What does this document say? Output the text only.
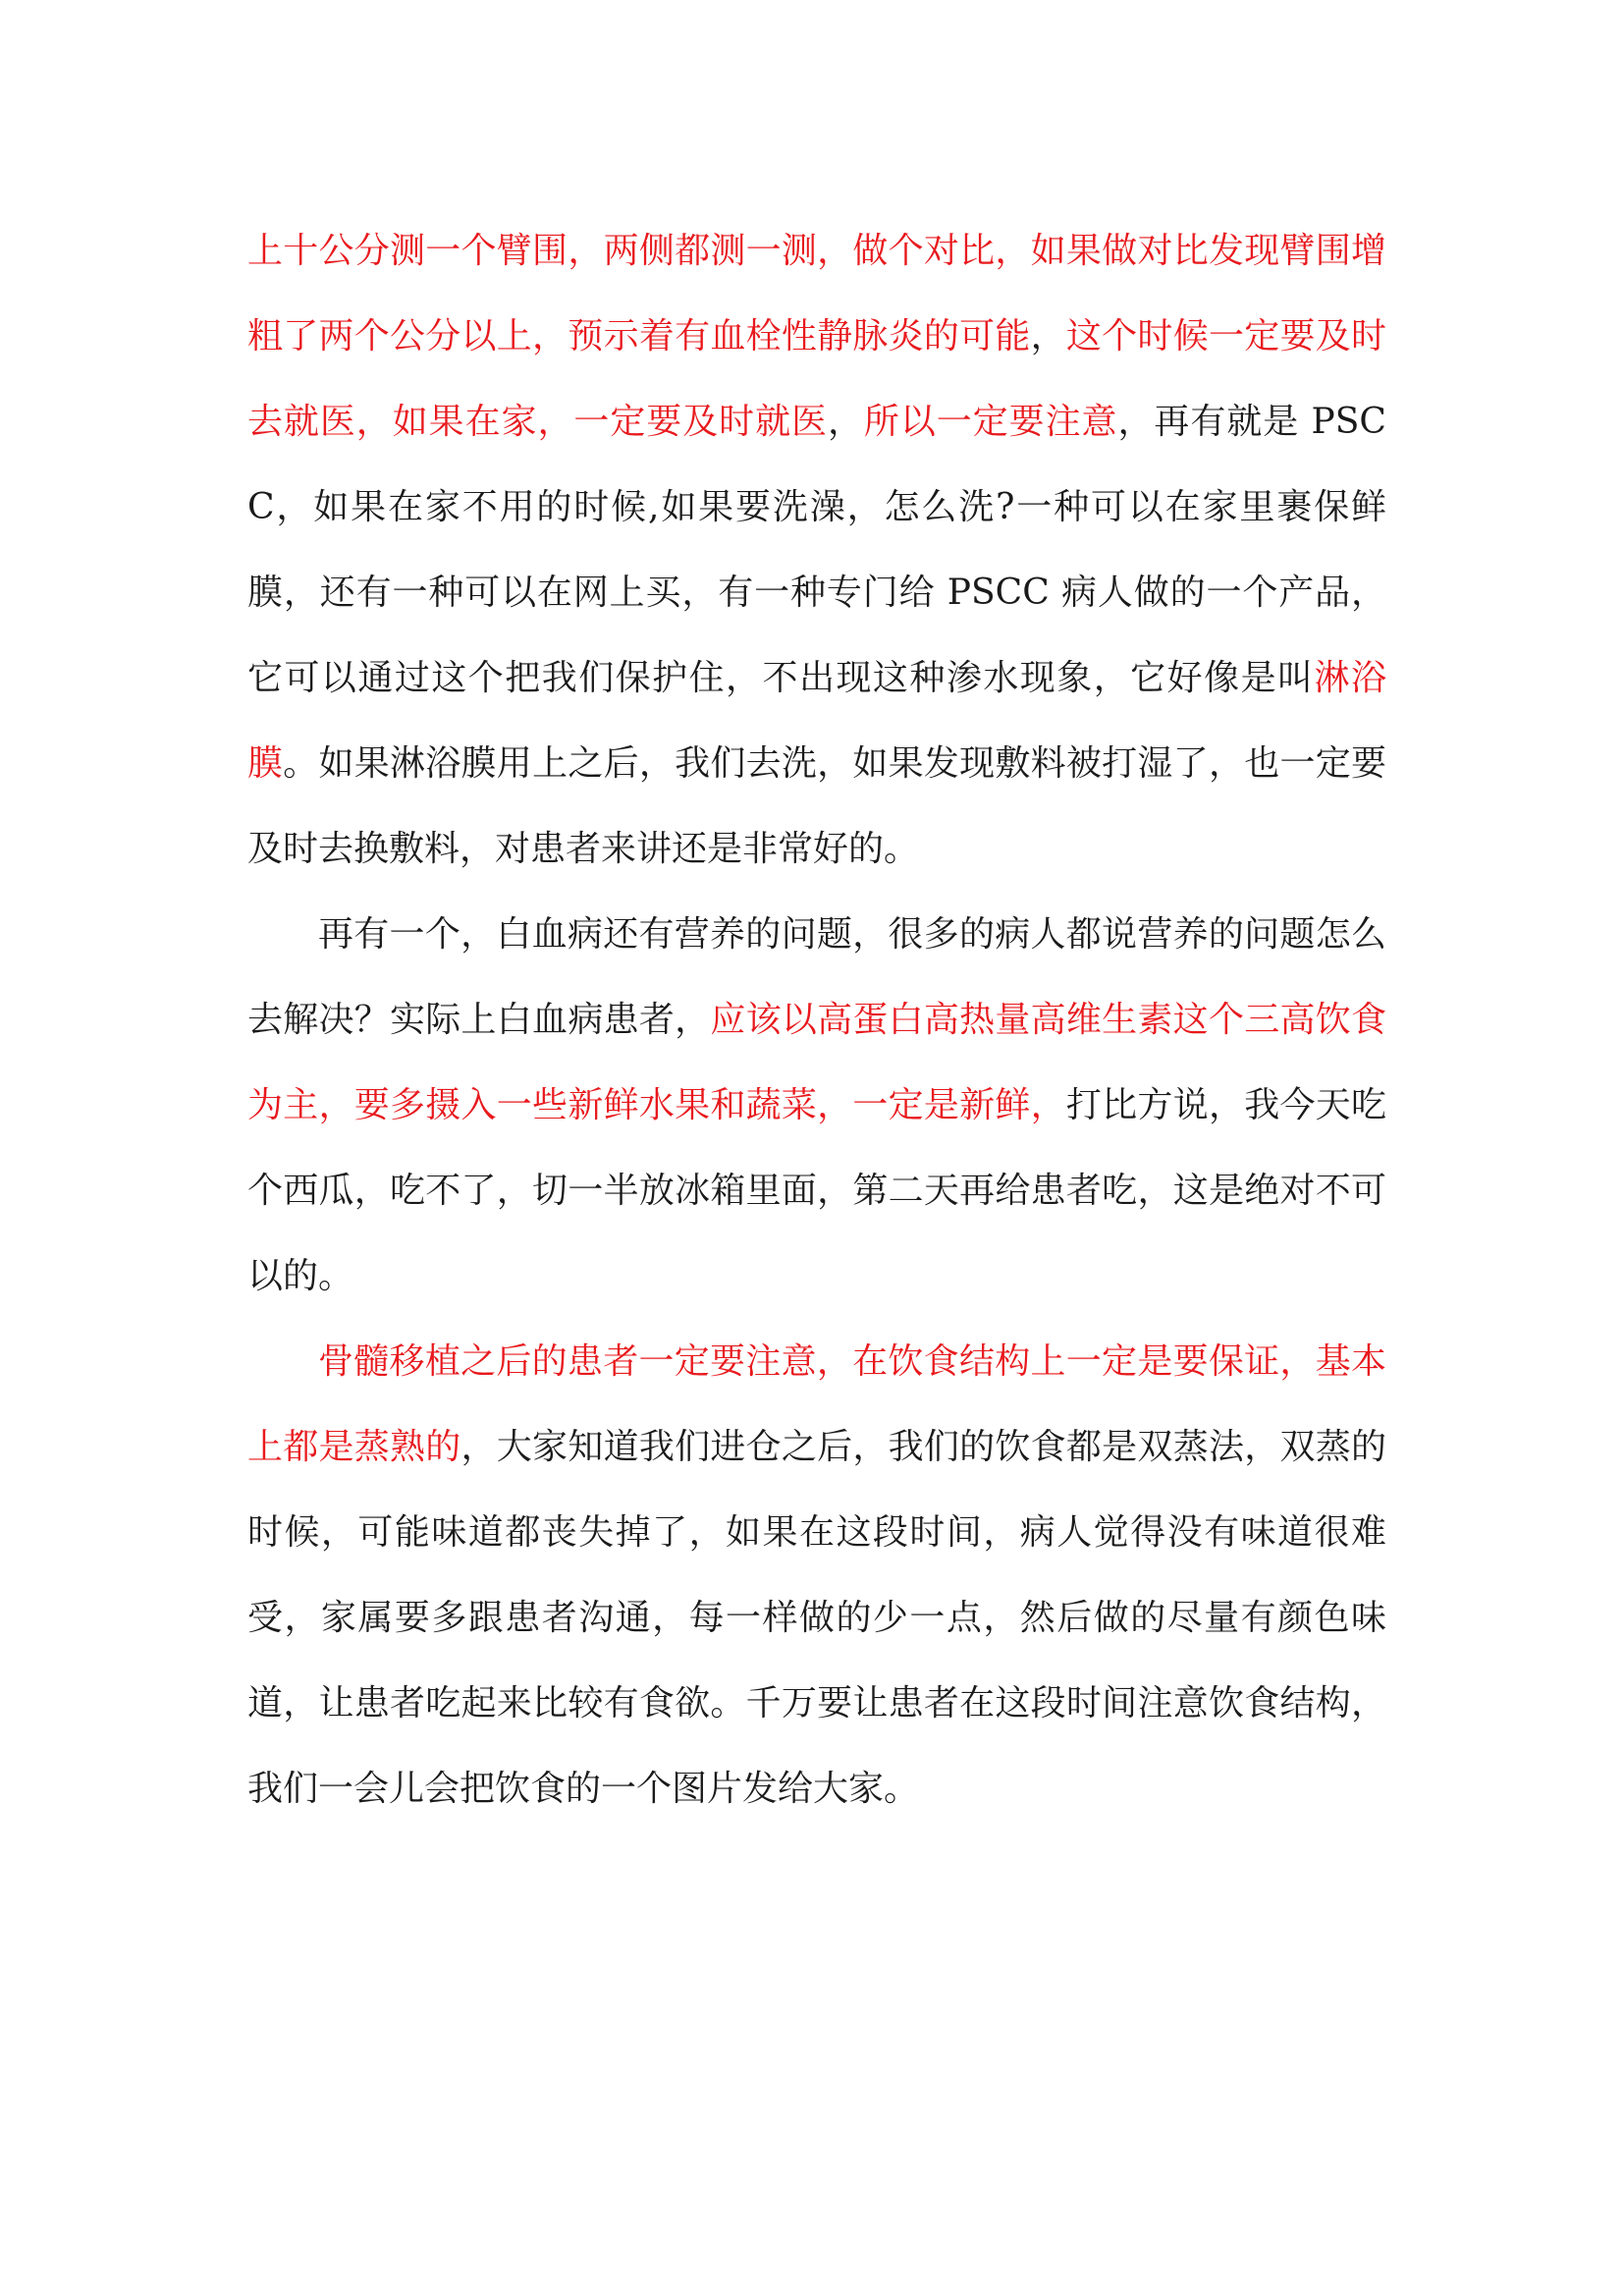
上十公分测一个臂围，两侧都测一测，做个对比，如果做对比发现臂围增粗了两个公分以上，预示着有血栓性静脉炎的可能，这个时候一定要及时去就医，如果在家，一定要及时就医，所以一定要注意，再有就是 PSCC，如果在家不用的时候,如果要洗澡，怎么洗?一种可以在家里裹保鲜膜，还有一种可以在网上买，有一种专门给 PSCC 病人做的一个产品，它可以通过这个把我们保护住，不出现这种渗水现象，它好像是叫淋浴膜。如果淋浴膜用上之后，我们去洗，如果发现敷料被打湿了，也一定要及时去换敷料，对患者来讲还是非常好的。

再有一个，白血病还有营养的问题，很多的病人都说营养的问题怎么去解决？实际上白血病患者，应该以高蛋白高热量高维生素这个三高饮食为主，要多摄入一些新鲜水果和蔬菜，一定是新鲜，打比方说，我今天吃个西瓜，吃不了，切一半放冰箱里面，第二天再给患者吃，这是绝对不可以的。

骨髓移植之后的患者一定要注意，在饮食结构上一定是要保证，基本上都是蒸熟的，大家知道我们进仓之后，我们的饮食都是双蒸法，双蒸的时候，可能味道都丧失掉了，如果在这段时间，病人觉得没有味道很难受，家属要多跟患者沟通，每一样做的少一点，然后做的尽量有颜色味道，让患者吃起来比较有食欲。千万要让患者在这段时间注意饮食结构，我们一会儿会把饮食的一个图片发给大家。
